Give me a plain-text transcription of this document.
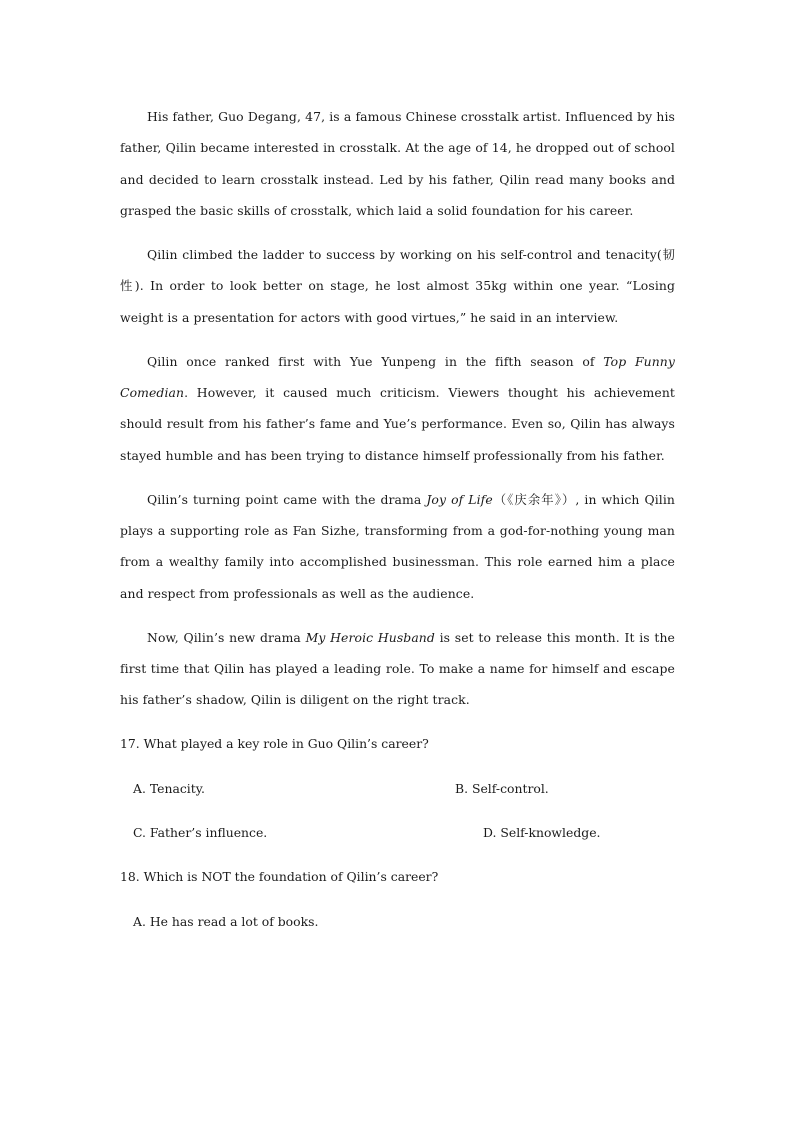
His father, Guo Degang, 47, is a famous Chinese crosstalk artist. Influenced by his father, Qilin became interested in crosstalk. At the age of 14, he dropped out of school and decided to learn crosstalk instead. Led by his father, Qilin read many books and grasped the basic skills of crosstalk, which laid a solid foundation for his career.

Qilin climbed the ladder to success by working on his self-control and tenacity(韧性). In order to look better on stage, he lost almost 35kg within one year. “Losing weight is a presentation for actors with good virtues,” he said in an interview.

Qilin once ranked first with Yue Yunpeng in the fifth season of Top Funny Comedian. However, it caused much criticism. Viewers thought his achievement should result from his father’s fame and Yue’s performance. Even so, Qilin has always stayed humble and has been trying to distance himself professionally from his father.

Qilin’s turning point came with the drama Joy of Life（《庆余年》）, in which Qilin plays a supporting role as Fan Sizhe, transforming from a god-for-nothing young man from a wealthy family into accomplished businessman. This role earned him a place and respect from professionals as well as the audience.

Now, Qilin’s new drama My Heroic Husband is set to release this month. It is the first time that Qilin has played a leading role. To make a name for himself and escape his father’s shadow, Qilin is diligent on the right track.

17. What played a key role in Guo Qilin’s career?
A. Tenacity.	B. Self-control.
C. Father’s influence.	D. Self-knowledge.
18. Which is NOT the foundation of Qilin’s career?
A. He has read a lot of books.
